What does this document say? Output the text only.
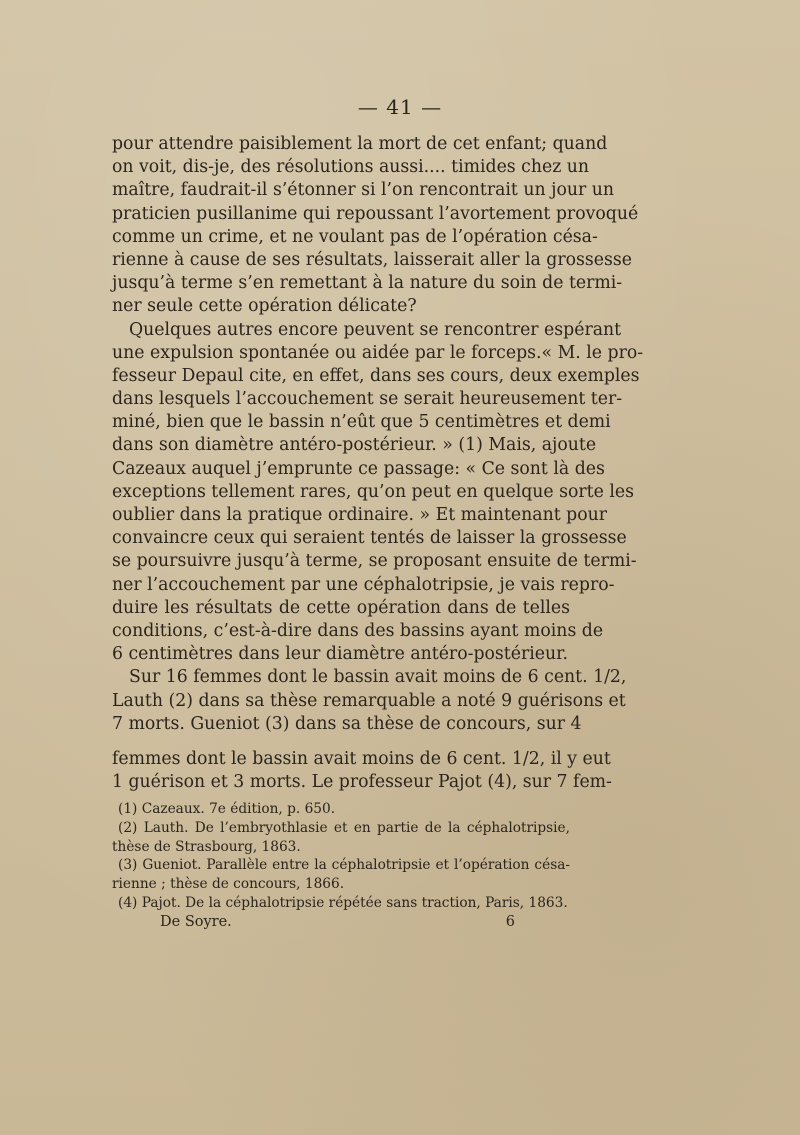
— 41 —
pour attendre paisiblement la mort de cet enfant; quand
on voit, dis-je, des résolutions aussi.... timides chez un
maître, faudrait-il s’étonner si l’on rencontrait un jour un
praticien pusillanime qui repoussant l’avortement provoqué
comme un crime, et ne voulant pas de l’opération césa-
rienne à cause de ses résultats, laisserait aller la grossesse
jusqu’à terme s’en remettant à la nature du soin de termi-
ner seule cette opération délicate?
Quelques autres encore peuvent se rencontrer espérant
une expulsion spontanée ou aidée par le forceps.« M. le pro-
fesseur Depaul cite, en effet, dans ses cours, deux exemples
dans lesquels l’accouchement se serait heureusement ter-
miné, bien que le bassin n’eût que 5 centimètres et demi
dans son diamètre antéro-postérieur. » (1) Mais, ajoute
Cazeaux auquel j’emprunte ce passage: « Ce sont là des
exceptions tellement rares, qu’on peut en quelque sorte les
oublier dans la pratique ordinaire. » Et maintenant pour
convaincre ceux qui seraient tentés de laisser la grossesse
se poursuivre jusqu’à terme, se proposant ensuite de termi-
ner l’accouchement par une céphalotripsie, je vais repro-
duire les résultats de cette opération dans de telles
conditions, c’est-à-dire dans des bassins ayant moins de
6 centimètres dans leur diamètre antéro-postérieur.
Sur 16 femmes dont le bassin avait moins de 6 cent. 1/2,
Lauth (2) dans sa thèse remarquable a noté 9 guérisons et
7 morts. Gueniot (3) dans sa thèse de concours, sur 4
femmes dont le bassin avait moins de 6 cent. 1/2, il y eut
1 guérison et 3 morts. Le professeur Pajot (4), sur 7 fem-
(1) Cazeaux. 7e édition, p. 650.
(2) Lauth. De l’embryothlasie et en partie de la céphalotripsie,
thèse de Strasbourg, 1863.
(3) Gueniot. Parallèle entre la céphalotripsie et l’opération césa-
rienne ; thèse de concours, 1866.
(4) Pajot. De la céphalotripsie répétée sans traction, Paris, 1863.
De Soyre.	6
